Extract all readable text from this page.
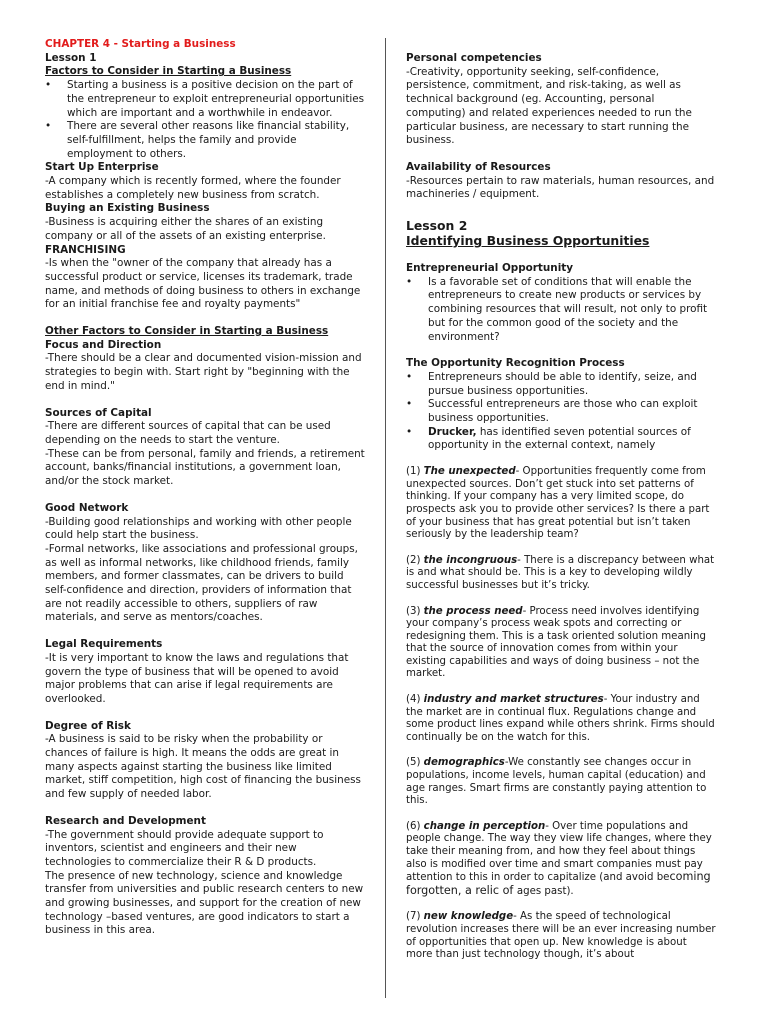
CHAPTER 4 - Starting a Business

Lesson 1

Factors to Consider in Starting a Business

• Starting a business is a positive decision on the part of the entrepreneur to exploit entrepreneurial opportunities which are important and a worthwhile in endeavor.
• There are several other reasons like financial stability, self-fulfillment, helps the family and provide employment to others.

Start Up Enterprise

-A company which is recently formed, where the founder establishes a completely new business from scratch.

Buying an Existing Business

-Business is acquiring either the shares of an existing company or all of the assets of an existing enterprise.

FRANCHISING

-Is when the "owner of the company that already has a successful product or service, licenses its trademark, trade name, and methods of doing business to others in exchange for an initial franchise fee and royalty payments"

Other Factors to Consider in Starting a Business

Focus and Direction

-There should be a clear and documented vision-mission and strategies to begin with. Start right by "beginning with the end in mind."

Sources of Capital

-There are different sources of capital that can be used depending on the needs to start the venture.

-These can be from personal, family and friends, a retirement account, banks/financial institutions, a government loan, and/or the stock market.

Good Network

-Building good relationships and working with other people could help start the business.

-Formal networks, like associations and professional groups, as well as informal networks, like childhood friends, family members, and former classmates, can be drivers to build self-confidence and direction, providers of information that are not readily accessible to others, suppliers of raw materials, and serve as mentors/coaches.

Legal Requirements

-It is very important to know the laws and regulations that govern the type of business that will be opened to avoid major problems that can arise if legal requirements are overlooked.

Degree of Risk

-A business is said to be risky when the probability or chances of failure is high. It means the odds are great in many aspects against starting the business like limited market, stiff competition, high cost of financing the business and few supply of needed labor.

Research and Development

-The government should provide adequate support to inventors, scientist and engineers and their new technologies to commercialize their R & D products.

The presence of new technology, science and knowledge transfer from universities and public research centers to new and growing businesses, and support for the creation of new technology –based ventures, are good indicators to start a business in this area.

Personal competencies

-Creativity, opportunity seeking, self-confidence, persistence, commitment, and risk-taking, as well as technical background (eg. Accounting, personal computing) and related experiences needed to run the particular business, are necessary to start running the business.

Availability of Resources

-Resources pertain to raw materials, human resources, and machineries / equipment.

Lesson 2

Identifying Business Opportunities

Entrepreneurial Opportunity

• Is a favorable set of conditions that will enable the entrepreneurs to create new products or services by combining resources that will result, not only to profit but for the common good of the society and the environment?

The Opportunity Recognition Process

• Entrepreneurs should be able to identify, seize, and pursue business opportunities.
• Successful entrepreneurs are those who can exploit business opportunities.
• Drucker, has identified seven potential sources of opportunity in the external context, namely

(1) The unexpected- Opportunities frequently come from unexpected sources. Don’t get stuck into set patterns of thinking. If your company has a very limited scope, do prospects ask you to provide other services? Is there a part of your business that has great potential but isn’t taken seriously by the leadership team?

(2) the incongruous- There is a discrepancy between what is and what should be. This is a key to developing wildly successful businesses but it’s tricky.

(3) the process need- Process need involves identifying your company’s process weak spots and correcting or redesigning them. This is a task oriented solution meaning that the source of innovation comes from within your existing capabilities and ways of doing business – not the market.

(4) industry and market structures- Your industry and the market are in continual flux. Regulations change and some product lines expand while others shrink. Firms should continually be on the watch for this.

(5) demographics-We constantly see changes occur in populations, income levels, human capital (education) and age ranges. Smart firms are constantly paying attention to this.

(6) change in perception- Over time populations and people change. The way they view life changes, where they take their meaning from, and how they feel about things also is modified over time and smart companies must pay attention to this in order to capitalize (and avoid becoming forgotten, a relic of ages past).

(7) new knowledge- As the speed of technological revolution increases there will be an ever increasing number of opportunities that open up. New knowledge is about more than just technology though, it’s about
